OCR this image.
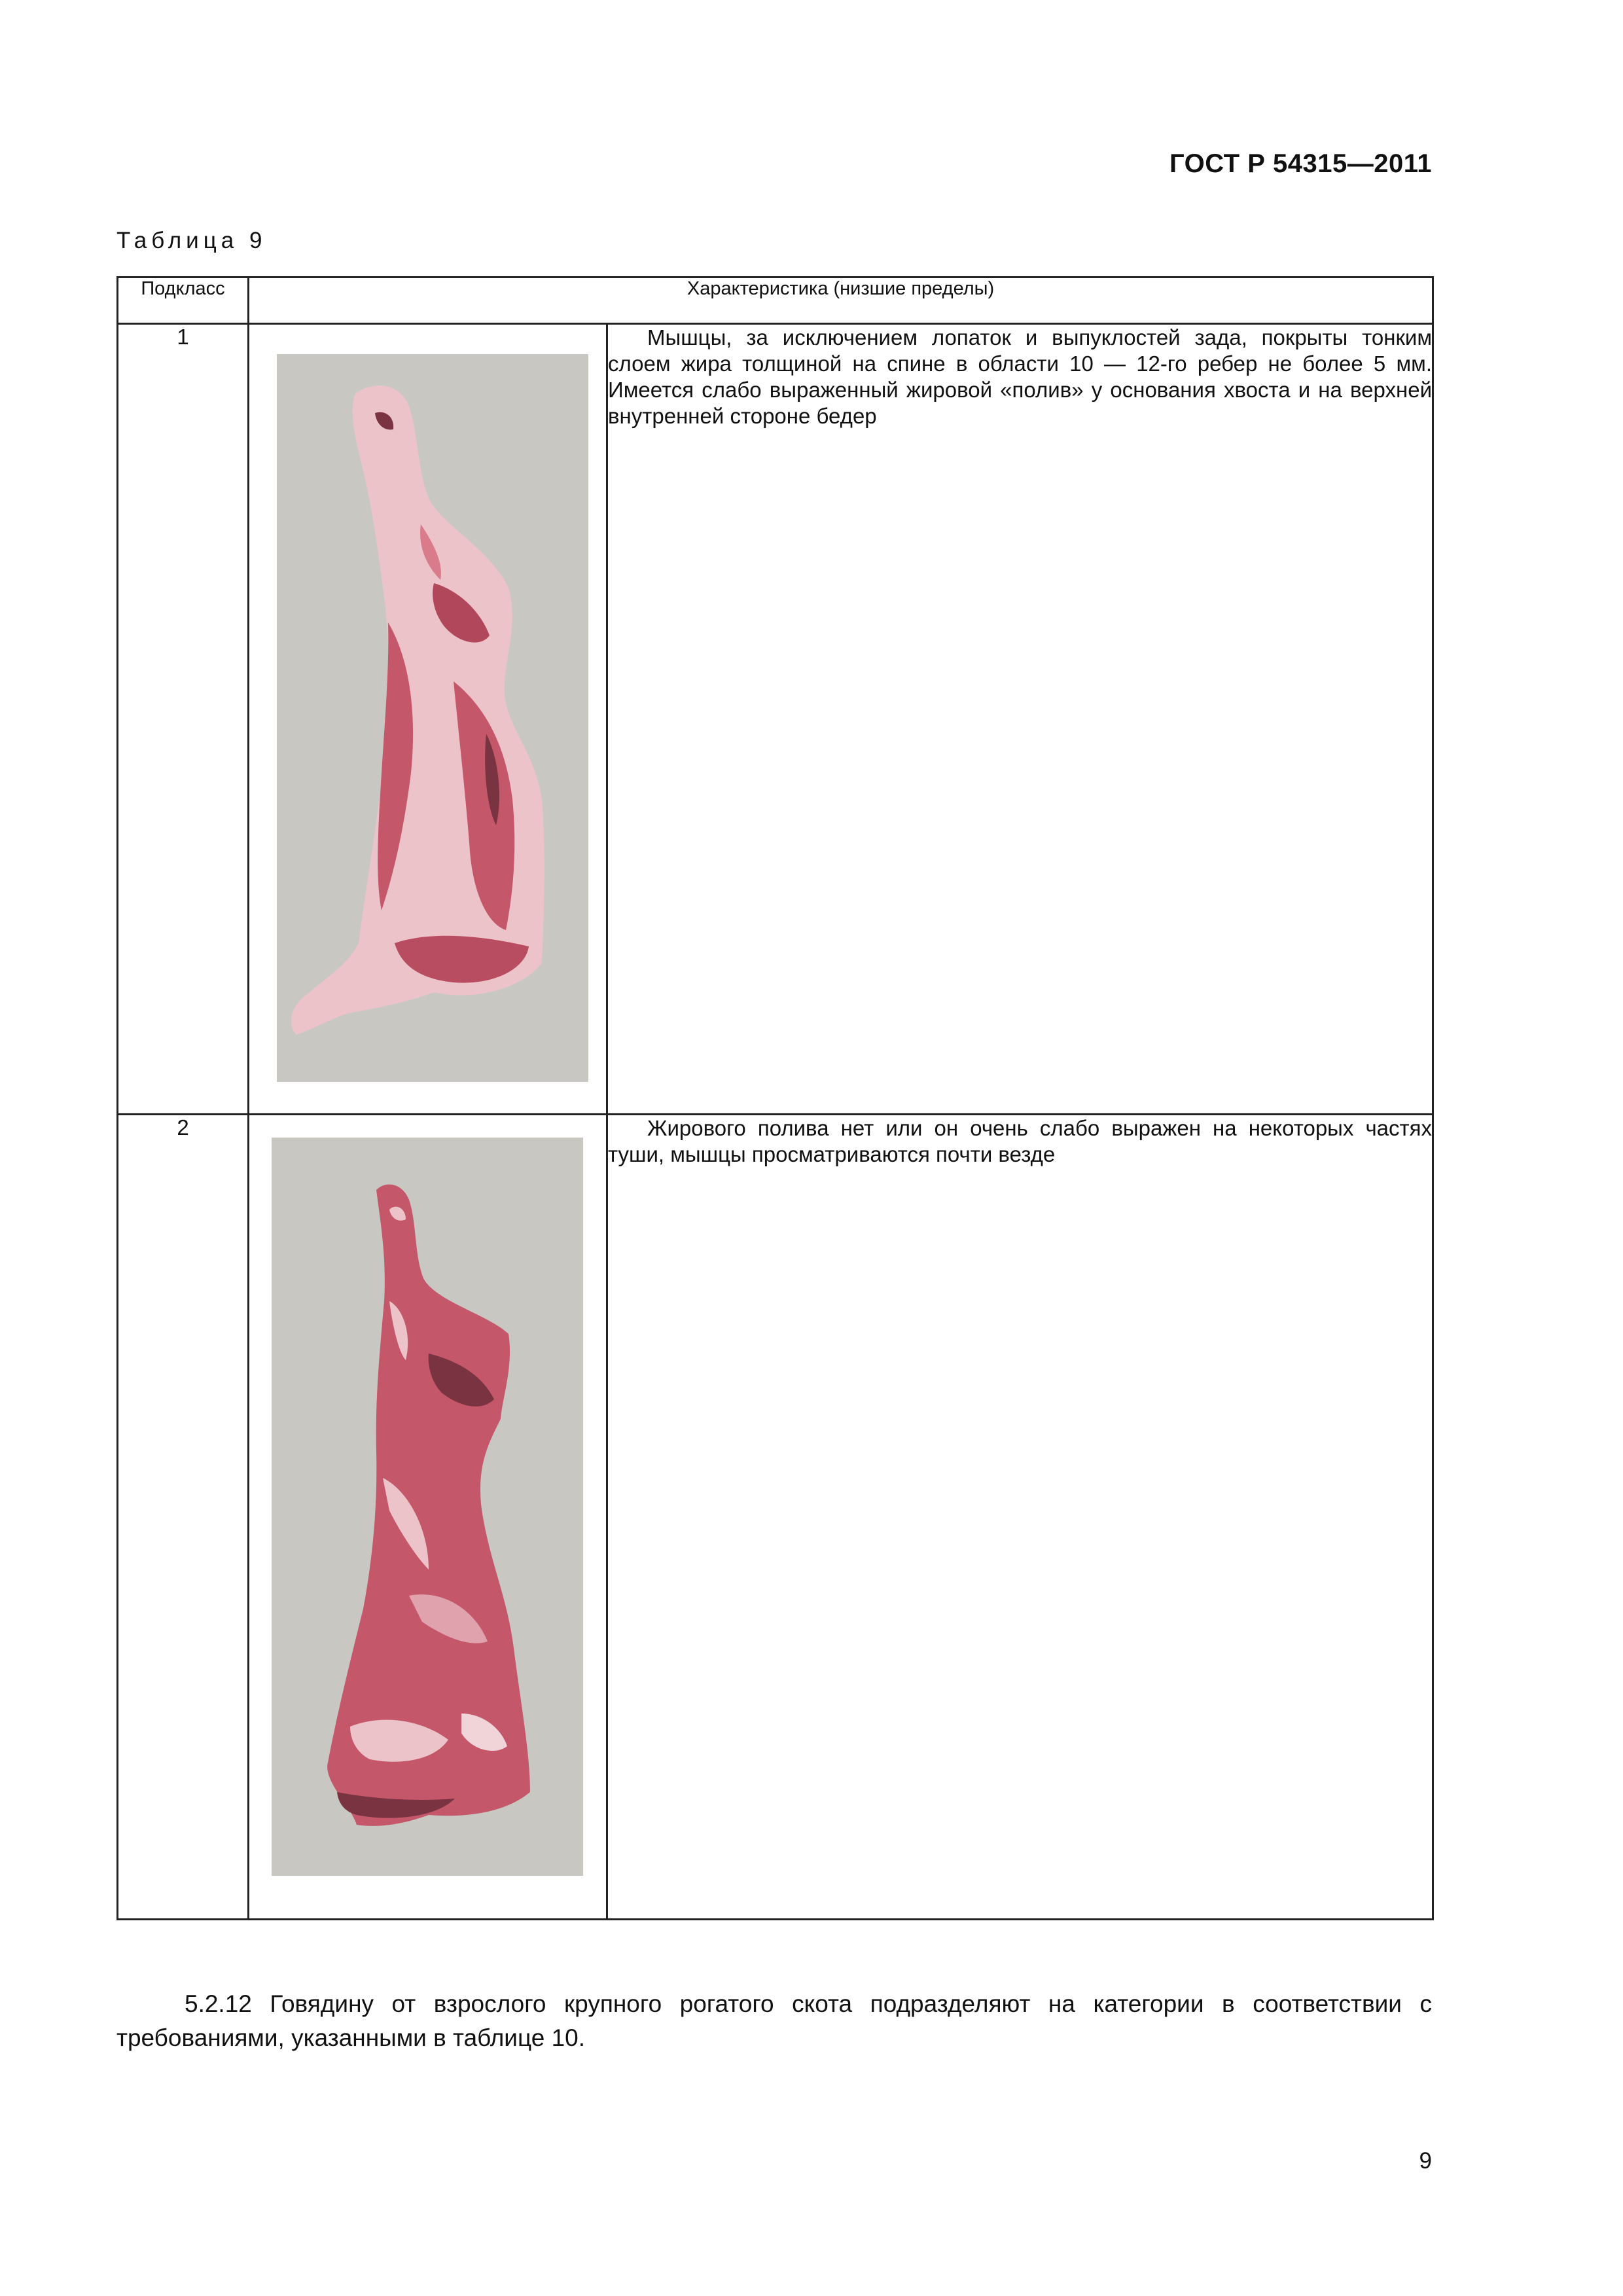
ГОСТ Р 54315—2011
Таблица 9
Подкласс	Характеристика (низшие пределы)	
1		Мышцы, за исключением лопаток и выпуклостей зада, покрыты тонким слоем жира толщиной на спине в области 10 — 12-го ребер не более 5 мм. Имеется слабо выраженный жировой «полив» у основания хвоста и на верхней внутренней стороне бедер

2		Жирового полива нет или он очень слабо выражен на некоторых частях туши, мышцы просматриваются почти везде

5.2.12 Говядину от взрослого крупного рогатого скота подразделяют на категории в соответствии с требованиями, указанными в таблице 10.
9
